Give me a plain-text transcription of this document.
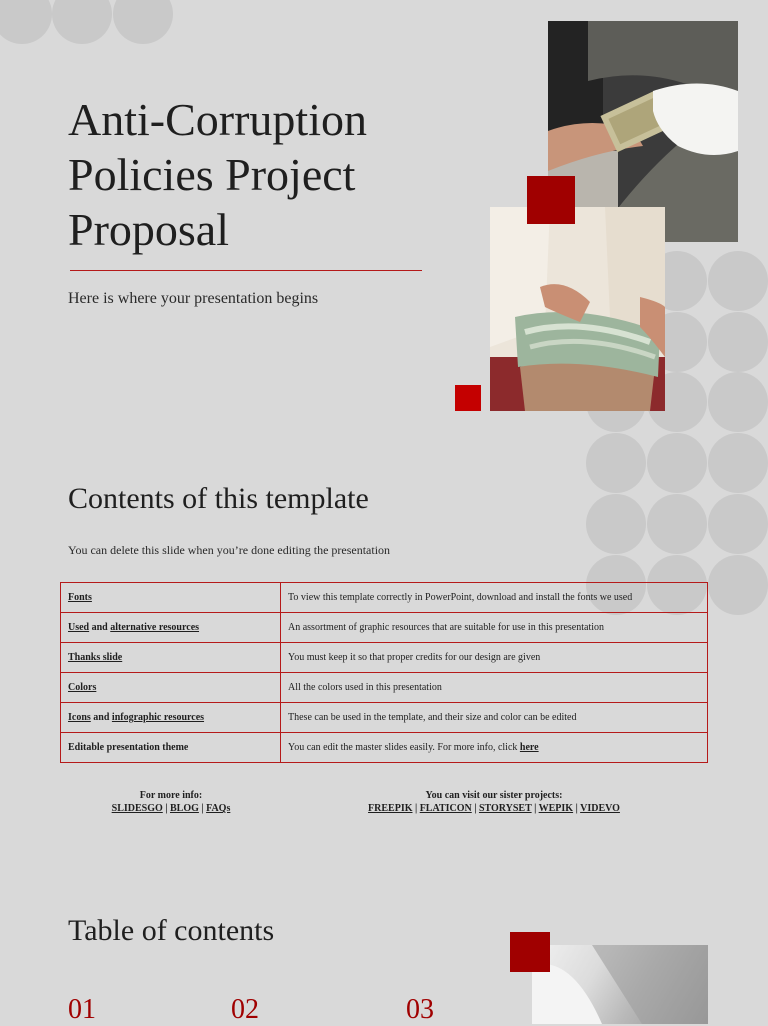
Anti-Corruption Policies Project Proposal
Here is where your presentation begins
Contents of this template
You can delete this slide when you’re done editing the presentation
Fonts	To view this template correctly in PowerPoint, download and install the fonts we used
Used and alternative resources	An assortment of graphic resources that are suitable for use in this presentation
Thanks slide	You must keep it so that proper credits for our design are given
Colors	All the colors used in this presentation
Icons and infographic resources	These can be used in the template, and their size and color can be edited
Editable presentation theme	You can edit the master slides easily. For more info, click here
For more info:
SLIDESGO | BLOG | FAQs
You can visit our sister projects:
FREEPIK | FLATICON | STORYSET | WEPIK | VIDEVO
Table of contents
01	02	03
